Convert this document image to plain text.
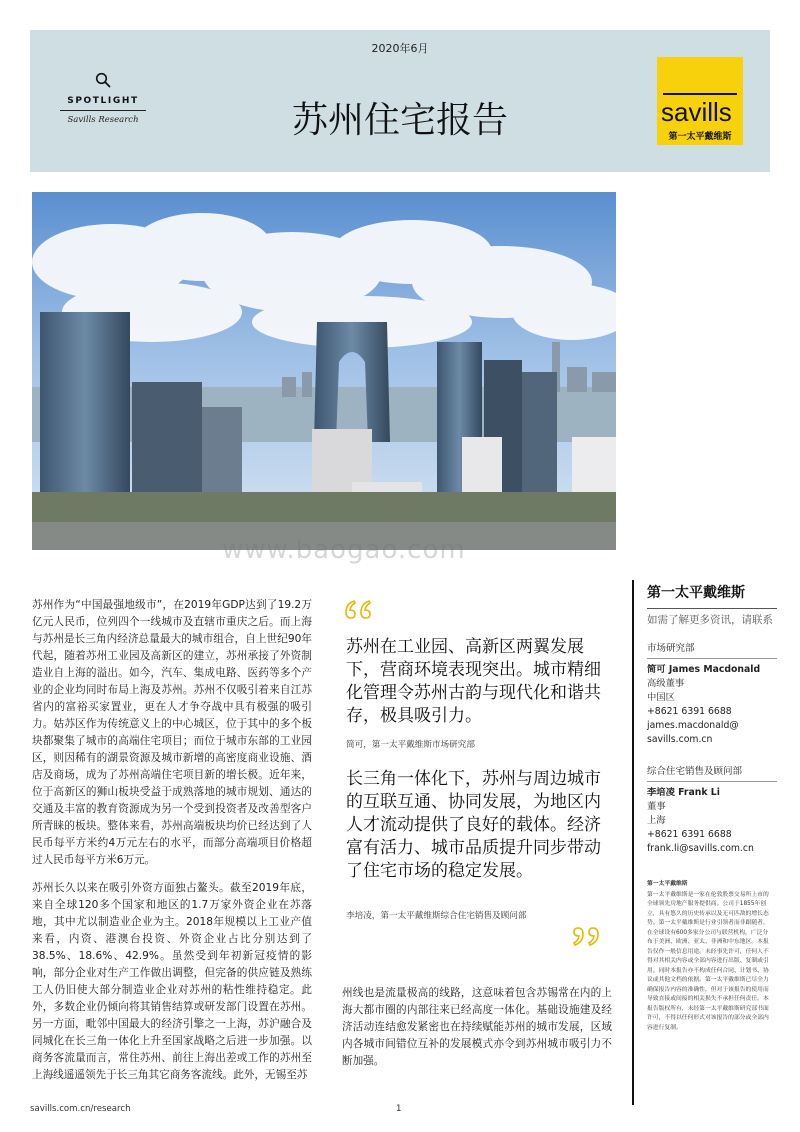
2020年6月
SPOTLIGHT
Savills Research	苏州住宅报告	savills
第一太平戴维斯
www.baogao.com

苏州作为“中国最强地级市”，在2019年GDP达到了19.2万亿元人民币，位列四个一线城市及直辖市重庆之后。而上海与苏州是长三角内经济总量最大的城市组合，自上世纪90年代起，随着苏州工业园及高新区的建立，苏州承接了外资制造业自上海的溢出。如今，汽车、集成电路、医药等多个产业的企业均同时布局上海及苏州。苏州不仅吸引着来自江苏省内的富裕买家置业，更在人才争夺战中具有极强的吸引力。姑苏区作为传统意义上的中心城区，位于其中的多个板块都聚集了城市的高端住宅项目；而位于城市东部的工业园区，则因稀有的湖景资源及城市新增的高密度商业设施、酒店及商场，成为了苏州高端住宅项目新的增长极。近年来，位于高新区的狮山板块受益于成熟落地的城市规划、通达的交通及丰富的教育资源成为另一个受到投资者及改善型客户所青睐的板块。整体来看，苏州高端板块均价已经达到了人民币每平方米约4万元左右的水平，而部分高端项目价格超过人民币每平方米6万元。

苏州长久以来在吸引外资方面独占鳌头。截至2019年底，来自全球120多个国家和地区的1.7万家外资企业在苏落地，其中尤以制造业企业为主。2018年规模以上工业产值来看，内资、港澳台投资、外资企业占比分别达到了38.5%、18.6%、42.9%。虽然受到年初新冠疫情的影响，部分企业对生产工作做出调整，但完备的供应链及熟练工人仍旧使大部分制造业企业对苏州的粘性维持稳定。此外，多数企业仍倾向将其销售结算或研发部门设置在苏州。另一方面，毗邻中国最大的经济引擎之一上海，苏沪融合及同城化在长三角一体化上升至国家战略之后进一步加强。以商务客流量而言，常住苏州、前往上海出差或工作的苏州至上海线遥遥领先于长三角其它商务客流线。此外，无锡至苏

苏州在工业园、高新区两翼发展下，营商环境表现突出。城市精细化管理令苏州古韵与现代化和谐共存，极具吸引力。
简可，第一太平戴维斯市场研究部
长三角一体化下，苏州与周边城市的互联互通、协同发展，为地区内人才流动提供了良好的载体。经济富有活力、城市品质提升同步带动了住宅市场的稳定发展。
李培凌，第一太平戴维斯综合住宅销售及顾问部
州线也是流量极高的线路，这意味着包含苏锡常在内的上海大都市圈的内部往来已经高度一体化。基础设施建及经济活动连结愈发紧密也在持续赋能苏州的城市发展，区域内各城市间错位互补的发展模式亦令到苏州城市吸引力不断加强。
第一太平戴维斯
如需了解更多资讯，请联系
市场研究部
简可 James Macdonald
高级董事
中国区
+8621 6391 6688
james.macdonald@
savills.com.cn
综合住宅销售及顾问部
李培凌 Frank Li
董事
上海
+8621 6391 6688
frank.li@savills.com.cn
第一太平戴维斯
第一太平戴维斯是一家在伦敦股票交易所上市的全球领先房地产服务提供商。公司于1855年创立，具有悠久的历史传承以及无可匹敌的增长态势。第一太平戴维斯是行业引领者而非跟随者，在全球设有600多家分公司与联营机构，广泛分布于美洲、欧洲、亚太、非洲和中东地区。本报告仅作一般信息用途。未经事先许可，任何人不得对其相关内容或全部内容进行出版、复制或引用。同时本报告亦不构成任何合同、计划书、协议或其他文档的依据。第一太平戴维斯已尽全力确保报告内容的准确性，但对于该报告的使用而导致直接或间接的相关损失不承担任何责任。本报告版权所有，未经第一太平戴维斯研究部书面许可，不得以任何形式对该报告的部分或全部内容进行复制。
savills.com.cn/research	1
